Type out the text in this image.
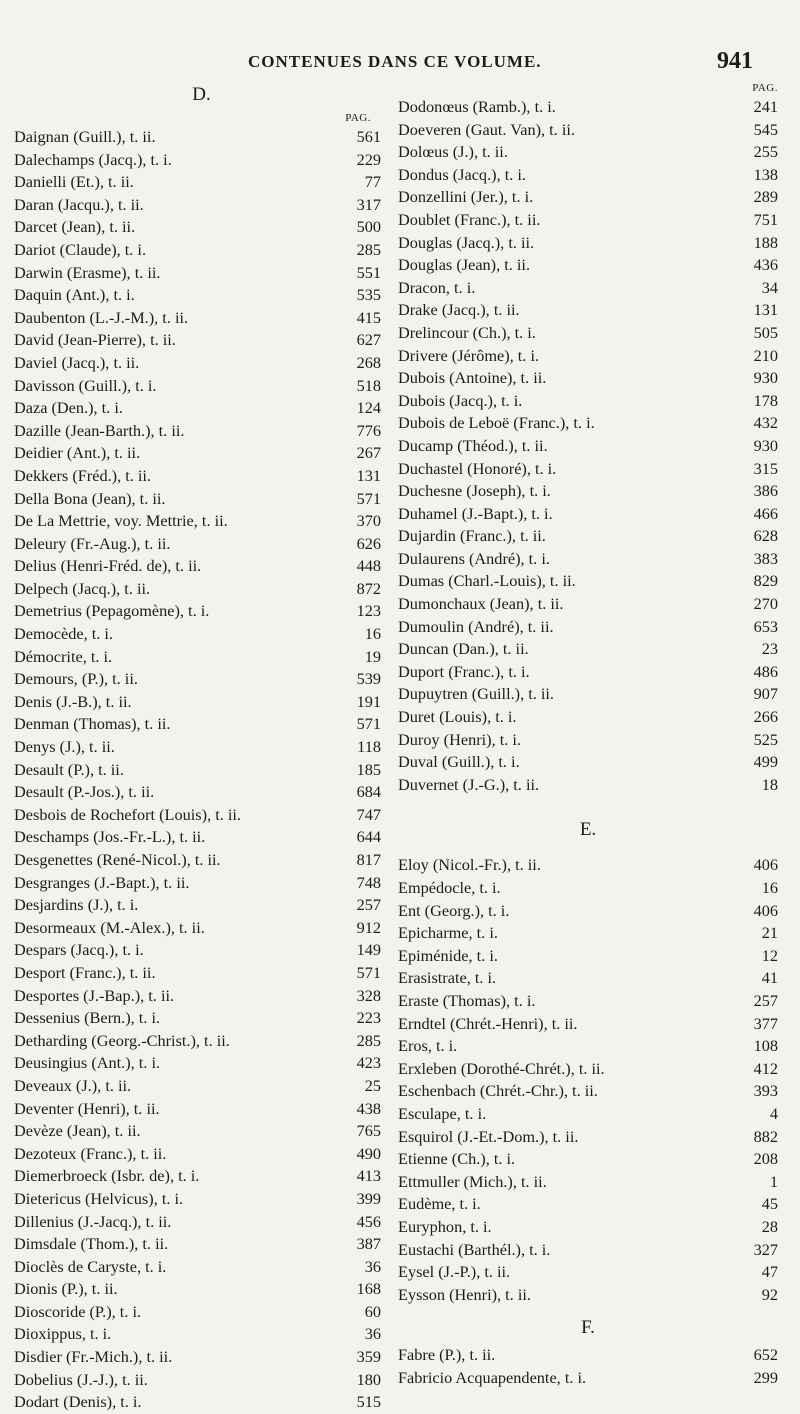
CONTENUES DANS CE VOLUME.	941
D.
PAG.
Daignan (Guill.), t. ii.	561
Dalechamps (Jacq.), t. i.	229
Danielli (Et.), t. ii.	77
Daran (Jacqu.), t. ii.	317
Darcet (Jean), t. ii.	500
Dariot (Claude), t. i.	285
Darwin (Erasme), t. ii.	551
Daquin (Ant.), t. i.	535
Daubenton (L.-J.-M.), t. ii.	415
David (Jean-Pierre), t. ii.	627
Daviel (Jacq.), t. ii.	268
Davisson (Guill.), t. i.	518
Daza (Den.), t. i.	124
Dazille (Jean-Barth.), t. ii.	776
Deidier (Ant.), t. ii.	267
Dekkers (Fréd.), t. ii.	131
Della Bona (Jean), t. ii.	571
De La Mettrie, voy. Mettrie, t. ii.	370
Deleury (Fr.-Aug.), t. ii.	626
Delius (Henri-Fréd. de), t. ii.	448
Delpech (Jacq.), t. ii.	872
Demetrius (Pepagomène), t. i.	123
Democède, t. i.	16
Démocrite, t. i.	19
Demours, (P.), t. ii.	539
Denis (J.-B.), t. ii.	191
Denman (Thomas), t. ii.	571
Denys (J.), t. ii.	118
Desault (P.), t. ii.	185
Desault (P.-Jos.), t. ii.	684
Desbois de Rochefort (Louis), t. ii.	747
Deschamps (Jos.-Fr.-L.), t. ii.	644
Desgenettes (René-Nicol.), t. ii.	817
Desgranges (J.-Bapt.), t. ii.	748
Desjardins (J.), t. i.	257
Desormeaux (M.-Alex.), t. ii.	912
Despars (Jacq.), t. i.	149
Desport (Franc.), t. ii.	571
Desportes (J.-Bap.), t. ii.	328
Dessenius (Bern.), t. i.	223
Detharding (Georg.-Christ.), t. ii.	285
Deusingius (Ant.), t. i.	423
Deveaux (J.), t. ii.	25
Deventer (Henri), t. ii.	438
Devèze (Jean), t. ii.	765
Dezoteux (Franc.), t. ii.	490
Diemerbroeck (Isbr. de), t. i.	413
Dietericus (Helvicus), t. i.	399
Dillenius (J.-Jacq.), t. ii.	456
Dimsdale (Thom.), t. ii.	387
Dioclès de Caryste, t. i.	36
Dionis (P.), t. ii.	168
Dioscoride (P.), t. i.	60
Dioxippus, t. i.	36
Disdier (Fr.-Mich.), t. ii.	359
Dobelius (J.-J.), t. ii.	180
Dodart (Denis), t. i.	515
PAG.
Dodonœus (Ramb.), t. i.	241
Doeveren (Gaut. Van), t. ii.	545
Dolœus (J.), t. ii.	255
Dondus (Jacq.), t. i.	138
Donzellini (Jer.), t. i.	289
Doublet (Franc.), t. ii.	751
Douglas (Jacq.), t. ii.	188
Douglas (Jean), t. ii.	436
Dracon, t. i.	34
Drake (Jacq.), t. ii.	131
Drelincour (Ch.), t. i.	505
Drivere (Jérôme), t. i.	210
Dubois (Antoine), t. ii.	930
Dubois (Jacq.), t. i.	178
Dubois de Leboë (Franc.), t. i.	432
Ducamp (Théod.), t. ii.	930
Duchastel (Honoré), t. i.	315
Duchesne (Joseph), t. i.	386
Duhamel (J.-Bapt.), t. i.	466
Dujardin (Franc.), t. ii.	628
Dulaurens (André), t. i.	383
Dumas (Charl.-Louis), t. ii.	829
Dumonchaux (Jean), t. ii.	270
Dumoulin (André), t. ii.	653
Duncan (Dan.), t. ii.	23
Duport (Franc.), t. i.	486
Dupuytren (Guill.), t. ii.	907
Duret (Louis), t. i.	266
Duroy (Henri), t. i.	525
Duval (Guill.), t. i.	499
Duvernet (J.-G.), t. ii.	18
E.
Eloy (Nicol.-Fr.), t. ii.	406
Empédocle, t. i.	16
Ent (Georg.), t. i.	406
Epicharme, t. i.	21
Epiménide, t. i.	12
Erasistrate, t. i.	41
Eraste (Thomas), t. i.	257
Erndtel (Chrét.-Henri), t. ii.	377
Eros, t. i.	108
Erxleben (Dorothé-Chrét.), t. ii.	412
Eschenbach (Chrét.-Chr.), t. ii.	393
Esculape, t. i.	4
Esquirol (J.-Et.-Dom.), t. ii.	882
Etienne (Ch.), t. i.	208
Ettmuller (Mich.), t. ii.	1
Eudème, t. i.	45
Euryphon, t. i.	28
Eustachi (Barthél.), t. i.	327
Eysel (J.-P.), t. ii.	47
Eysson (Henri), t. ii.	92
F.
Fabre (P.), t. ii.	652
Fabricio Acquapendente, t. i.	299
